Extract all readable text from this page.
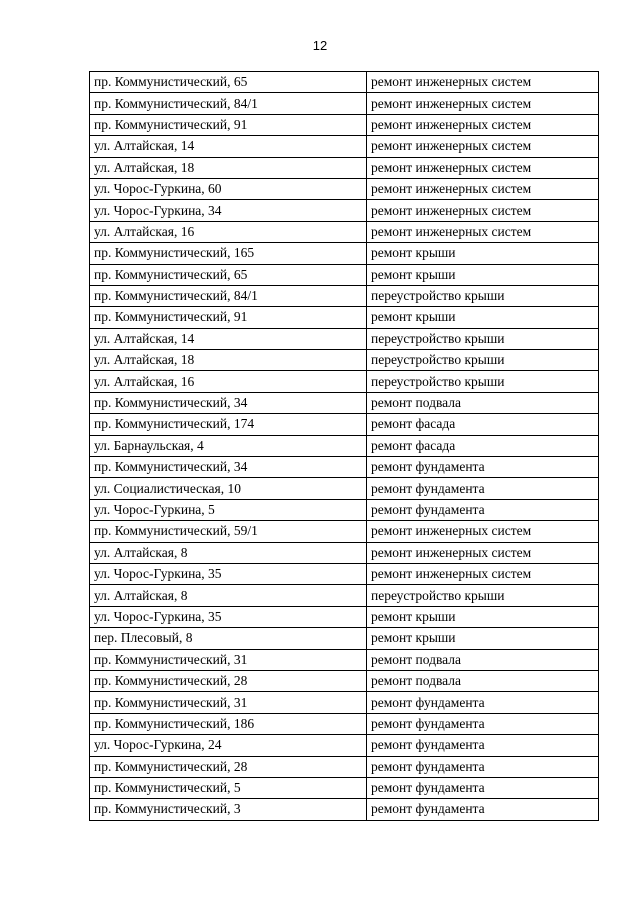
12
пр. Коммунистический, 65	ремонт инженерных систем
пр. Коммунистический, 84/1	ремонт инженерных систем
пр. Коммунистический, 91	ремонт инженерных систем
ул. Алтайская, 14	ремонт инженерных систем
ул. Алтайская, 18	ремонт инженерных систем
ул. Чорос-Гуркина, 60	ремонт инженерных систем
ул. Чорос-Гуркина, 34	ремонт инженерных систем
ул. Алтайская, 16	ремонт инженерных систем
пр. Коммунистический, 165	ремонт крыши
пр. Коммунистический, 65	ремонт крыши
пр. Коммунистический, 84/1	переустройство крыши
пр. Коммунистический, 91	ремонт крыши
ул. Алтайская, 14	переустройство крыши
ул. Алтайская, 18	переустройство крыши
ул. Алтайская, 16	переустройство крыши
пр. Коммунистический, 34	ремонт подвала
пр. Коммунистический, 174	ремонт фасада
ул. Барнаульская, 4	ремонт фасада
пр. Коммунистический, 34	ремонт фундамента
ул. Социалистическая, 10	ремонт фундамента
ул. Чорос-Гуркина, 5	ремонт фундамента
пр. Коммунистический, 59/1	ремонт инженерных систем
ул. Алтайская, 8	ремонт инженерных систем
ул. Чорос-Гуркина, 35	ремонт инженерных систем
ул. Алтайская, 8	переустройство крыши
ул. Чорос-Гуркина, 35	ремонт крыши
пер. Плесовый, 8	ремонт крыши
пр. Коммунистический, 31	ремонт подвала
пр. Коммунистический, 28	ремонт подвала
пр. Коммунистический, 31	ремонт фундамента
пр. Коммунистический, 186	ремонт фундамента
ул. Чорос-Гуркина, 24	ремонт фундамента
пр. Коммунистический, 28	ремонт фундамента
пр. Коммунистический, 5	ремонт фундамента
пр. Коммунистический, 3	ремонт фундамента
